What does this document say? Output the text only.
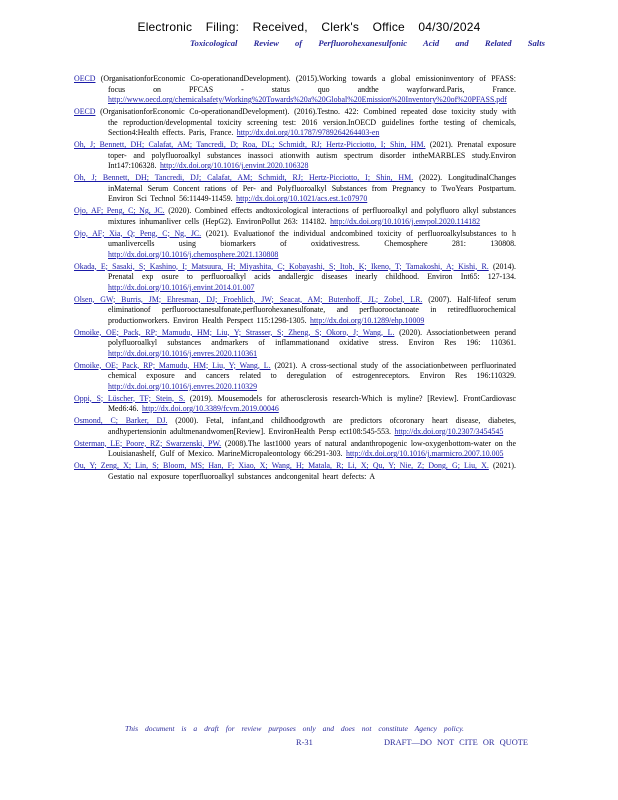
Electronic Filing: Received, Clerk's Office 04/30/2024
Toxicological Review of Perfluorohexanesulfonic Acid and Related Salts

OECD (OrganisationforEconomic Co-operationandDevelopment). (2015).Working towards a global emissioninventory of PFASS: focus on PFCAS - status quo andthe wayforward.Paris, France. http://www.oecd.org/chemicalsafety/Working%20Towards%20a%20Global%20Emission%20Inventory%20of%20PFASS.pdf

OECD (OrganisationforEconomic Co-operationandDevelopment). (2016).Testno. 422: Combined repeated dose toxicity study with the reproduction/developmental toxicity screening test: 2016 version.InOECD guidelines forthe testing of chemicals, Section4:Health effects. Paris, France. http://dx.doi.org/10.1787/9789264264403-en

Oh, J; Bennett, DH; Calafat, AM; Tancredi, D; Roa, DL; Schmidt, RJ; Hertz-Picciotto, I; Shin, HM. (2021). Prenatal exposure toper- and polyfluoroalkyl substances inassoci ationwith autism spectrum disorder intheMARBLES study.Environ Int147:106328. http://dx.doi.org/10.1016/j.envint.2020.106328

Oh, J; Bennett, DH; Tancredi, DJ; Calafat, AM; Schmidt, RJ; Hertz-Picciotto, I; Shin, HM. (2022). LongitudinalChanges inMaternal Serum Concent rations of Per- and Polyfluoroalkyl Substances from Pregnancy to TwoYears Postpartum. Environ Sci Technol 56:11449-11459. http://dx.doi.org/10.1021/acs.est.1c07970

Ojo, AF; Peng, C; Ng, JC. (2020). Combined effects andtoxicological interactions of perfluoroalkyl and polyfluoro alkyl substances mixtures inhumanliver cells (HepG2). EnvironPollut 263: 114182. http://dx.doi.org/10.1016/j.envpol.2020.114182

Ojo, AF; Xia, Q; Peng, C; Ng, JC. (2021). Evaluationof the individual andcombined toxicity of perfluoroalkylsubstances to h umanlivercells using biomarkers of oxidativestress. Chemosphere 281: 130808. http://dx.doi.org/10.1016/j.chemosphere.2021.130808

Okada, E; Sasaki, S; Kashino, I; Matsuura, H; Miyashita, C; Kobayashi, S; Itoh, K; Ikeno, T; Tamakoshi, A; Kishi, R. (2014). Prenatal exp osure to perfluoroalkyl acids andallergic diseases inearly childhood. Environ Int65: 127-134. http://dx.doi.org/10.1016/j.envint.2014.01.007

Olsen, GW; Burris, JM; Ehresman, DJ; Froehlich, JW; Seacat, AM; Butenhoff, JL; Zobel, LR. (2007). Half-lifeof serum eliminationof perfluorooctanesulfonate,perfluorohexanesulfonate, and perfluorooctanoate in retiredfluorochemical productionworkers. Environ Health Perspect 115:1298-1305. http://dx.doi.org/10.1289/ehp.10009

Omoike, OE; Pack, RP; Mamudu, HM; Liu, Y; Strasser, S; Zheng, S; Okoro, J; Wang, L. (2020). Associationbetween perand polyfluoroalkyl substances andmarkers of inflammationand oxidative stress. Environ Res 196: 110361. http://dx.doi.org/10.1016/j.envres.2020.110361

Omoike, OE; Pack, RP; Mamudu, HM; Liu, Y; Wang, L. (2021). A cross-sectional study of the associationbetween perfluorinated chemical exposure and cancers related to deregulation of estrogenreceptors. Environ Res 196:110329. http://dx.doi.org/10.1016/j.envres.2020.110329

Oppi, S; Lüscher, TF; Stein, S. (2019). Mousemodels for atherosclerosis research-Which is myline? [Review]. FrontCardiovasc Med6:46. http://dx.doi.org/10.3389/fcvm.2019.00046

Osmond, C; Barker, DJ. (2000). Fetal, infant,and childhoodgrowth are predictors ofcoronary heart disease, diabetes, andhypertensionin adultmenandwomen[Review]. EnvironHealth Persp ect108:545-553. http://dx.doi.org/10.2307/3454545

Osterman, LE; Poore, RZ; Swarzenski, PW. (2008).The last1000 years of natural andanthropogenic low-oxygenbottom-water on the Louisianashelf, Gulf of Mexico. MarineMicropaleontology 66:291-303. http://dx.doi.org/10.1016/j.marmicro.2007.10.005

Ou, Y; Zeng, X; Lin, S; Bloom, MS; Han, F; Xiao, X; Wang, H; Matala, R; Li, X; Qu, Y; Nie, Z; Dong, G; Liu, X. (2021). Gestatio nal exposure toperfluoroalkyl substances andcongenital heart defects: A

This document is a draft for review purposes only and does not constitute Agency policy.
R-31	DRAFT—DO NOT CITE OR QUOTE
